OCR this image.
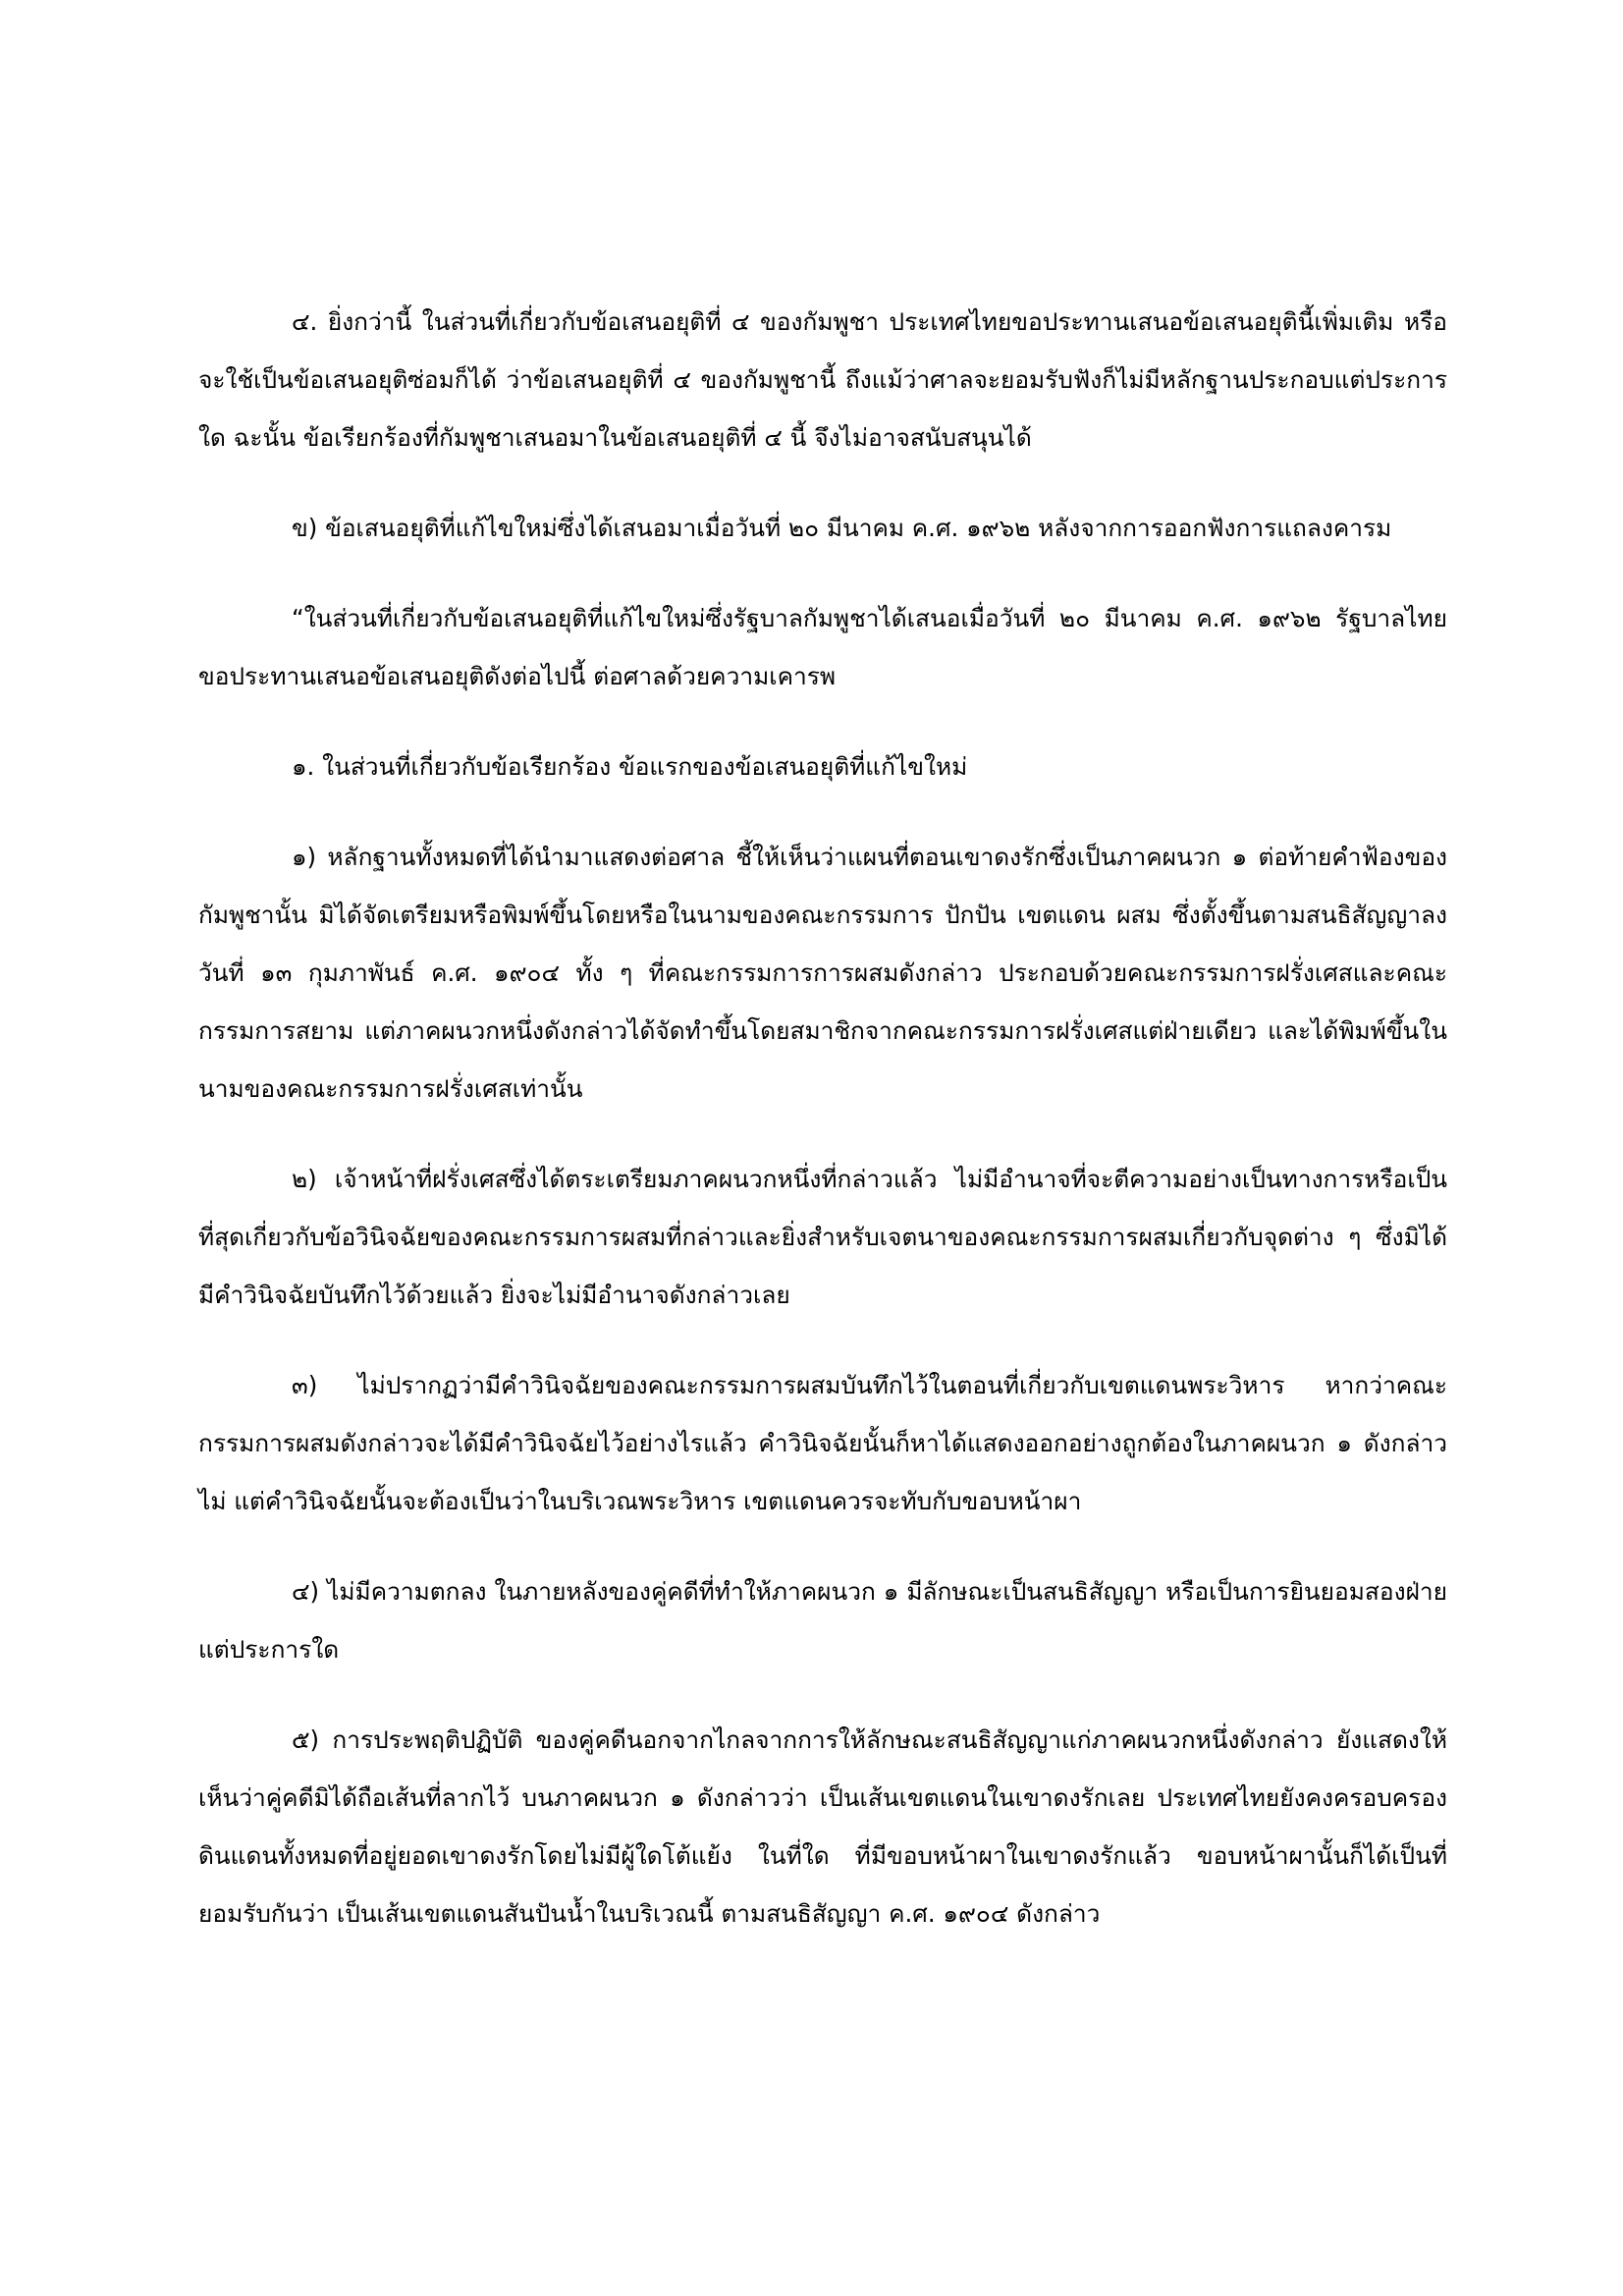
๔. ยิ่งกว่านี้ ในส่วนที่เกี่ยวกับข้อเสนอยุติที่ ๔ ของกัมพูชา ประเทศไทยขอประทานเสนอข้อเสนอยุตินี้เพิ่มเติม หรือจะใช้เป็นข้อเสนอยุติซ่อมก็ได้ ว่าข้อเสนอยุติที่ ๔ ของกัมพูชานี้ ถึงแม้ว่าศาลจะยอมรับฟังก็ไม่มีหลักฐานประกอบแต่ประการใด ฉะนั้น ข้อเรียกร้องที่กัมพูชาเสนอมาในข้อเสนอยุติที่ ๔ นี้ จึงไม่อาจสนับสนุนได้

ข) ข้อเสนอยุติที่แก้ไขใหม่ซึ่งได้เสนอมาเมื่อวันที่ ๒๐ มีนาคม ค.ศ. ๑๙๖๒ หลังจากการออกฟังการแถลงคารม

“ในส่วนที่เกี่ยวกับข้อเสนอยุติที่แก้ไขใหม่ซึ่งรัฐบาลกัมพูชาได้เสนอเมื่อวันที่ ๒๐ มีนาคม ค.ศ. ๑๙๖๒ รัฐบาลไทย ขอประทานเสนอข้อเสนอยุติดังต่อไปนี้ ต่อศาลด้วยความเคารพ

๑. ในส่วนที่เกี่ยวกับข้อเรียกร้อง ข้อแรกของข้อเสนอยุติที่แก้ไขใหม่

๑) หลักฐานทั้งหมดที่ได้นำมาแสดงต่อศาล ชี้ให้เห็นว่าแผนที่ตอนเขาดงรักซึ่งเป็นภาคผนวก ๑ ต่อท้ายคำฟ้องของกัมพูชานั้น มิได้จัดเตรียมหรือพิมพ์ขึ้นโดยหรือในนามของคณะกรรมการ ปักปัน เขตแดน ผสม ซึ่งตั้งขึ้นตามสนธิสัญญาลงวันที่ ๑๓ กุมภาพันธ์ ค.ศ. ๑๙๐๔ ทั้ง ๆ ที่คณะกรรมการการผสมดังกล่าว ประกอบด้วยคณะกรรมการฝรั่งเศสและคณะกรรมการสยาม แต่ภาคผนวกหนึ่งดังกล่าวได้จัดทำขึ้นโดยสมาชิกจากคณะกรรมการฝรั่งเศสแต่ฝ่ายเดียว และได้พิมพ์ขึ้นในนามของคณะกรรมการฝรั่งเศสเท่านั้น

๒) เจ้าหน้าที่ฝรั่งเศสซึ่งได้ตระเตรียมภาคผนวกหนึ่งที่กล่าวแล้ว ไม่มีอำนาจที่จะตีความอย่างเป็นทางการหรือเป็นที่สุดเกี่ยวกับข้อวินิจฉัยของคณะกรรมการผสมที่กล่าวและยิ่งสำหรับเจตนาของคณะกรรมการผสมเกี่ยวกับจุดต่าง ๆ ซึ่งมิได้มีคำวินิจฉัยบันทึกไว้ด้วยแล้ว ยิ่งจะไม่มีอำนาจดังกล่าวเลย

๓) ไม่ปรากฏว่ามีคำวินิจฉัยของคณะกรรมการผสมบันทึกไว้ในตอนที่เกี่ยวกับเขตแดนพระวิหาร หากว่าคณะกรรมการผสมดังกล่าวจะได้มีคำวินิจฉัยไว้อย่างไรแล้ว คำวินิจฉัยนั้นก็หาได้แสดงออกอย่างถูกต้องในภาคผนวก ๑ ดังกล่าวไม่ แต่คำวินิจฉัยนั้นจะต้องเป็นว่าในบริเวณพระวิหาร เขตแดนควรจะทับกับขอบหน้าผา

๔) ไม่มีความตกลง ในภายหลังของคู่คดีที่ทำให้ภาคผนวก ๑ มีลักษณะเป็นสนธิสัญญา หรือเป็นการยินยอมสองฝ่ายแต่ประการใด

๕) การประพฤติปฏิบัติ ของคู่คดีนอกจากไกลจากการให้ลักษณะสนธิสัญญาแก่ภาคผนวกหนึ่งดังกล่าว ยังแสดงให้เห็นว่าคู่คดีมิได้ถือเส้นที่ลากไว้ บนภาคผนวก ๑ ดังกล่าวว่า เป็นเส้นเขตแดนในเขาดงรักเลย ประเทศไทยยังคงครอบครองดินแดนทั้งหมดที่อยู่ยอดเขาดงรักโดยไม่มีผู้ใดโต้แย้ง ในที่ใด ที่มีขอบหน้าผาในเขาดงรักแล้ว ขอบหน้าผานั้นก็ได้เป็นที่ยอมรับกันว่า เป็นเส้นเขตแดนสันปันน้ำในบริเวณนี้ ตามสนธิสัญญา ค.ศ. ๑๙๐๔ ดังกล่าว
